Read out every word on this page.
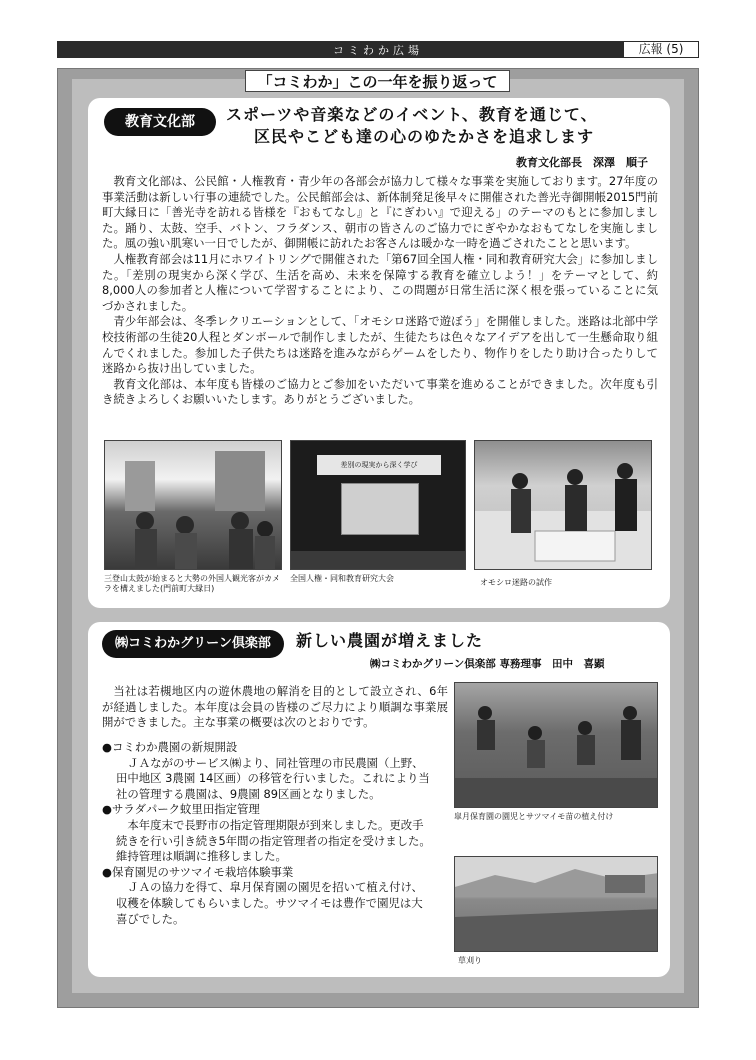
コミわか広場	広報 (5)
「コミわか」この一年を振り返って
教育文化部	スポーツや音楽などのイベント、教育を通じて、
区民やこども達の心のゆたかさを追求します
教育文化部長　深澤　順子

教育文化部は、公民館・人権教育・青少年の各部会が協力して様々な事業を実施しております。27年度の事業活動は新しい行事の連続でした。公民館部会は、新体制発足後早々に開催された善光寺御開帳2015門前町大縁日に「善光寺を訪れる皆様を『おもてなし』と『にぎわい』で迎える」のテーマのもとに参加しました。踊り、太鼓、空手、バトン、フラダンス、朝市の皆さんのご協力でにぎやかなおもてなしを実施しました。風の強い肌寒い一日でしたが、御開帳に訪れたお客さんは暖かな一時を過ごされたことと思います。

人権教育部会は11月にホワイトリングで開催された「第67回全国人権・同和教育研究大会」に参加しました。「差別の現実から深く学び、生活を高め、未来を保障する教育を確立しよう！」をテーマとして、約8,000人の参加者と人権について学習することにより、この問題が日常生活に深く根を張っていることに気づかされました。

青少年部会は、冬季レクリエーションとして、「オモシロ迷路で遊ぼう」を開催しました。迷路は北部中学校技術部の生徒20人程とダンボールで制作しましたが、生徒たちは色々なアイデアを出して一生懸命取り組んでくれました。参加した子供たちは迷路を進みながらゲームをしたり、物作りをしたり助け合ったりして迷路から抜け出していました。

教育文化部は、本年度も皆様のご協力とご参加をいただいて事業を進めることができました。次年度も引き続きよろしくお願いいたします。ありがとうございました。

差別の現実から深く学び
三登山太鼓が始まると大勢の外国人観光客がカメラを構えました(門前町大縁日)
全国人権・同和教育研究大会	オモシロ迷路の試作
㈱コミわかグリーン倶楽部	新しい農園が増えました
㈱コミわかグリーン倶楽部 専務理事　田中　喜顕

当社は若槻地区内の遊休農地の解消を目的として設立され、6年が経過しました。本年度は会員の皆様のご尽力により順調な事業展開ができました。主な事業の概要は次のとおりです。

●コミわか農園の新規開設

ＪＡながのサービス㈱より、同社管理の市民農園（上野、田中地区 3農園 14区画）の移管を行いました。これにより当社の管理する農園は、9農園 89区画となりました。

●サラダパーク蚊里田指定管理

本年度末で長野市の指定管理期限が到来しました。更改手続きを行い引き続き5年間の指定管理者の指定を受けました。維持管理は順調に推移しました。

●保育園児のサツマイモ栽培体験事業

ＪＡの協力を得て、皐月保育園の園児を招いて植え付け、収穫を体験してもらいました。サツマイモは豊作で園児は大喜びでした。

皐月保育園の園児とサツマイモ苗の植え付け
草刈り
